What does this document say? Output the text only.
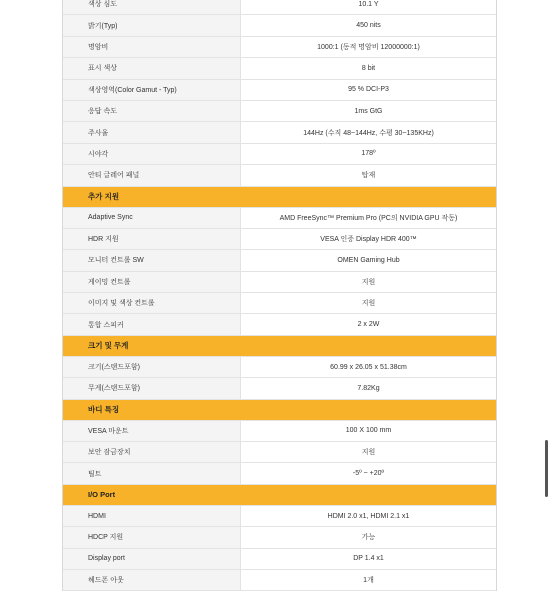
색상 심도	10.1 Y
밝기(Typ)	450 nits
명암비	1000:1 (동적 명암비 12000000:1)
표시 색상	8 bit
색상영역(Color Gamut - Typ)	95 % DCI-P3
응답 속도	1ms GtG
주사율	144Hz (수직 48~144Hz, 수평 30~135KHz)
시야각	178º
안티 글레어 패널	탑재
추가 지원
Adaptive Sync	AMD FreeSync™ Premium Pro (PC의 NVIDIA GPU 작동)
HDR 지원	VESA 인증 Display HDR 400™
모니터 컨트롤 SW	OMEN Gaming Hub
게이밍 컨트롤	지원
이미지 및 색상 컨트롤	지원
통합 스피커	2 x 2W
크기 및 무게
크기(스탠드포함)	60.99 x 26.05 x 51.38cm
무게(스탠드포함)	7.82Kg
바디 특징
VESA 마운트	100 X 100 mm
보안 잠금장치	지원
틸트	-5º ~ +20º
I/O Port
HDMI	HDMI 2.0 x1, HDMI 2.1 x1
HDCP 지원	가능
Display port	DP 1.4 x1
헤드폰 아웃	1개
